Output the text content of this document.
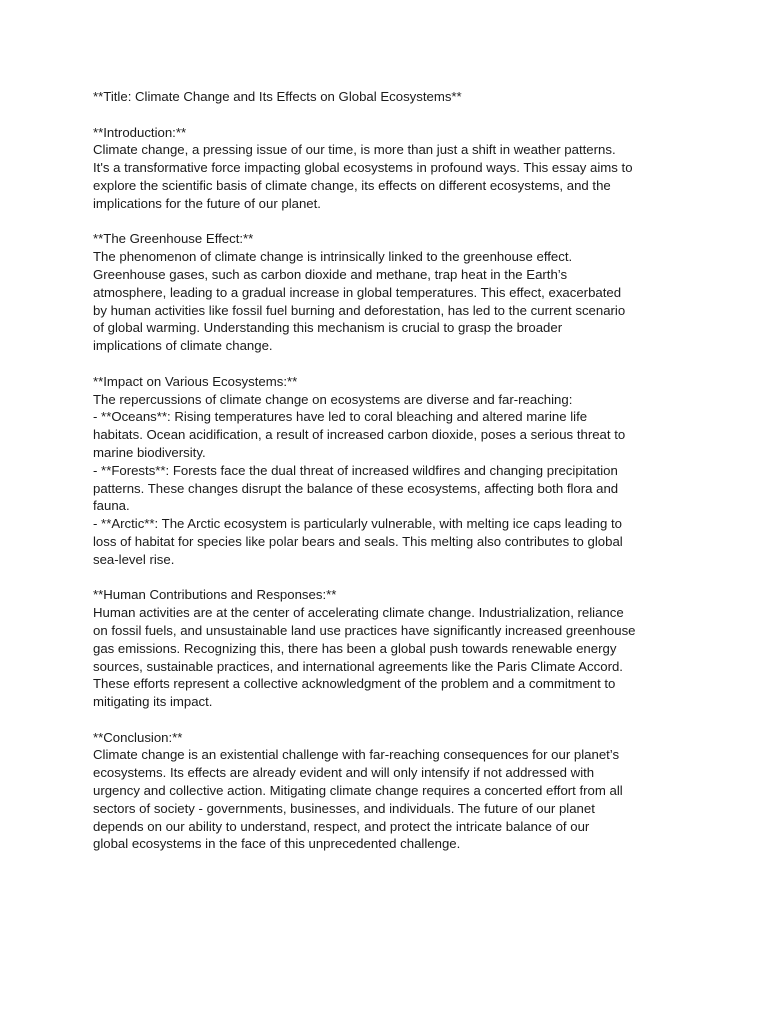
**Title: Climate Change and Its Effects on Global Ecosystems**
**Introduction:**
Climate change, a pressing issue of our time, is more than just a shift in weather patterns.
It's a transformative force impacting global ecosystems in profound ways. This essay aims to
explore the scientific basis of climate change, its effects on different ecosystems, and the
implications for the future of our planet.
**The Greenhouse Effect:**
The phenomenon of climate change is intrinsically linked to the greenhouse effect.
Greenhouse gases, such as carbon dioxide and methane, trap heat in the Earth’s
atmosphere, leading to a gradual increase in global temperatures. This effect, exacerbated
by human activities like fossil fuel burning and deforestation, has led to the current scenario
of global warming. Understanding this mechanism is crucial to grasp the broader
implications of climate change.
**Impact on Various Ecosystems:**
The repercussions of climate change on ecosystems are diverse and far-reaching:
- **Oceans**: Rising temperatures have led to coral bleaching and altered marine life
habitats. Ocean acidification, a result of increased carbon dioxide, poses a serious threat to
marine biodiversity.
- **Forests**: Forests face the dual threat of increased wildfires and changing precipitation
patterns. These changes disrupt the balance of these ecosystems, affecting both flora and
fauna.
- **Arctic**: The Arctic ecosystem is particularly vulnerable, with melting ice caps leading to
loss of habitat for species like polar bears and seals. This melting also contributes to global
sea-level rise.
**Human Contributions and Responses:**
Human activities are at the center of accelerating climate change. Industrialization, reliance
on fossil fuels, and unsustainable land use practices have significantly increased greenhouse
gas emissions. Recognizing this, there has been a global push towards renewable energy
sources, sustainable practices, and international agreements like the Paris Climate Accord.
These efforts represent a collective acknowledgment of the problem and a commitment to
mitigating its impact.
**Conclusion:**
Climate change is an existential challenge with far-reaching consequences for our planet’s
ecosystems. Its effects are already evident and will only intensify if not addressed with
urgency and collective action. Mitigating climate change requires a concerted effort from all
sectors of society - governments, businesses, and individuals. The future of our planet
depends on our ability to understand, respect, and protect the intricate balance of our
global ecosystems in the face of this unprecedented challenge.
